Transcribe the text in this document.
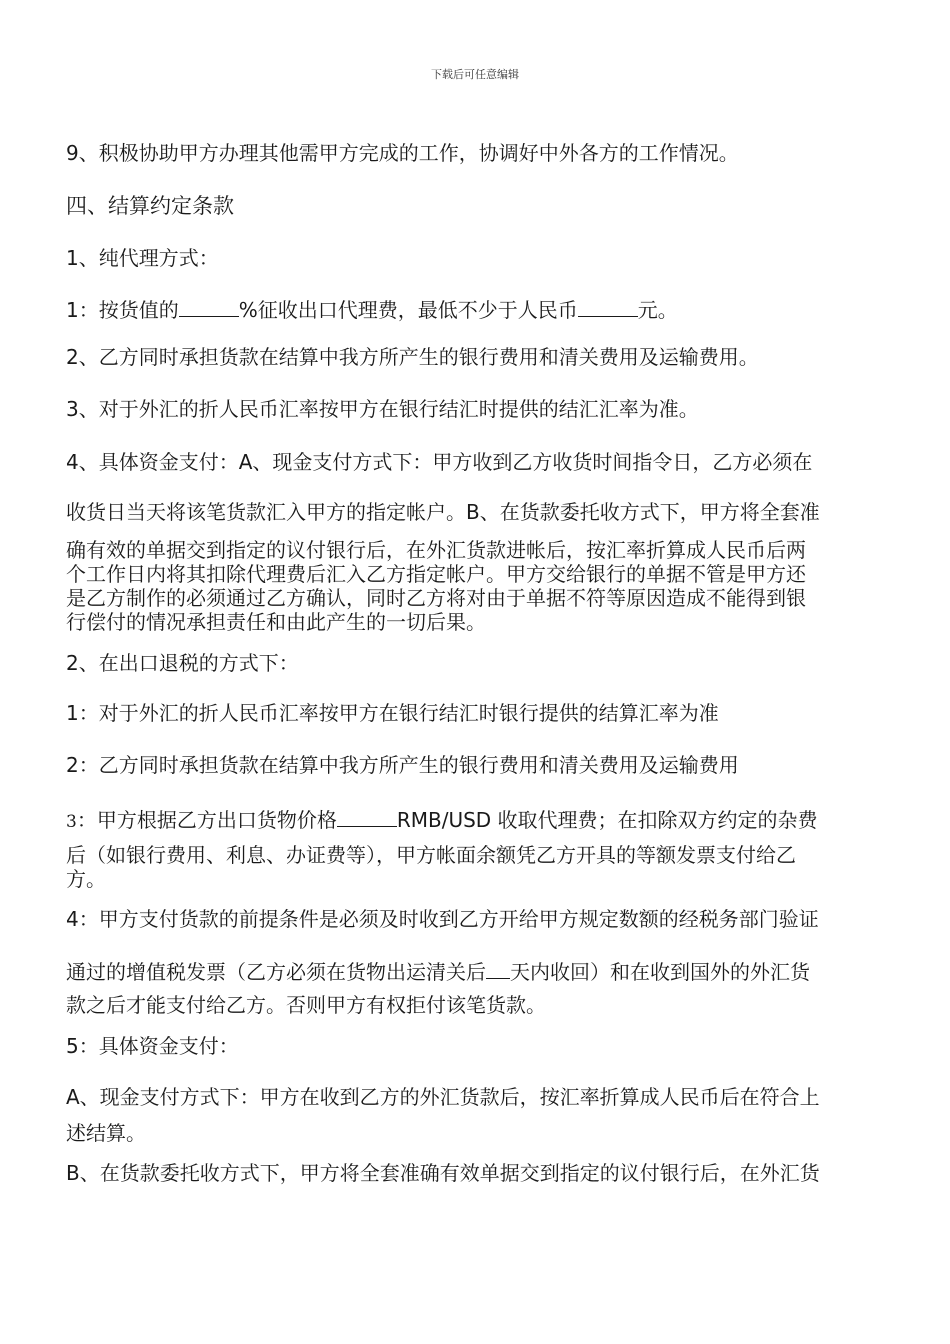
下载后可任意编辑
9、积极协助甲方办理其他需甲方完成的工作，协调好中外各方的工作情况。
四、结算约定条款
1、纯代理方式：
1：按货值的	%征收出口代理费，最低不少于人民币	元。
2、乙方同时承担货款在结算中我方所产生的银行费用和清关费用及运输费用。
3、对于外汇的折人民币汇率按甲方在银行结汇时提供的结汇汇率为准。
4、具体资金支付：A、现金支付方式下：甲方收到乙方收货时间指令日，乙方必须在
收货日当天将该笔货款汇入甲方的指定帐户。B、在货款委托收方式下，甲方将全套准
确有效的单据交到指定的议付银行后，在外汇货款进帐后，按汇率折算成人民币后两
个工作日内将其扣除代理费后汇入乙方指定帐户。甲方交给银行的单据不管是甲方还
是乙方制作的必须通过乙方确认，同时乙方将对由于单据不符等原因造成不能得到银
行偿付的情况承担责任和由此产生的一切后果。
2、在出口退税的方式下：
1：对于外汇的折人民币汇率按甲方在银行结汇时银行提供的结算汇率为准
2：乙方同时承担货款在结算中我方所产生的银行费用和清关费用及运输费用
3：甲方根据乙方出口货物价格	RMB/USD 收取代理费；在扣除双方约定的杂费
后（如银行费用、利息、办证费等），甲方帐面余额凭乙方开具的等额发票支付给乙
方。
4：甲方支付货款的前提条件是必须及时收到乙方开给甲方规定数额的经税务部门验证
通过的增值税发票（乙方必须在货物出运清关后 天内收回）和在收到国外的外汇货
款之后才能支付给乙方。否则甲方有权拒付该笔货款。
5：具体资金支付：
A、现金支付方式下：甲方在收到乙方的外汇货款后，按汇率折算成人民币后在符合上
述结算。
B、在货款委托收方式下，甲方将全套准确有效单据交到指定的议付银行后，在外汇货
